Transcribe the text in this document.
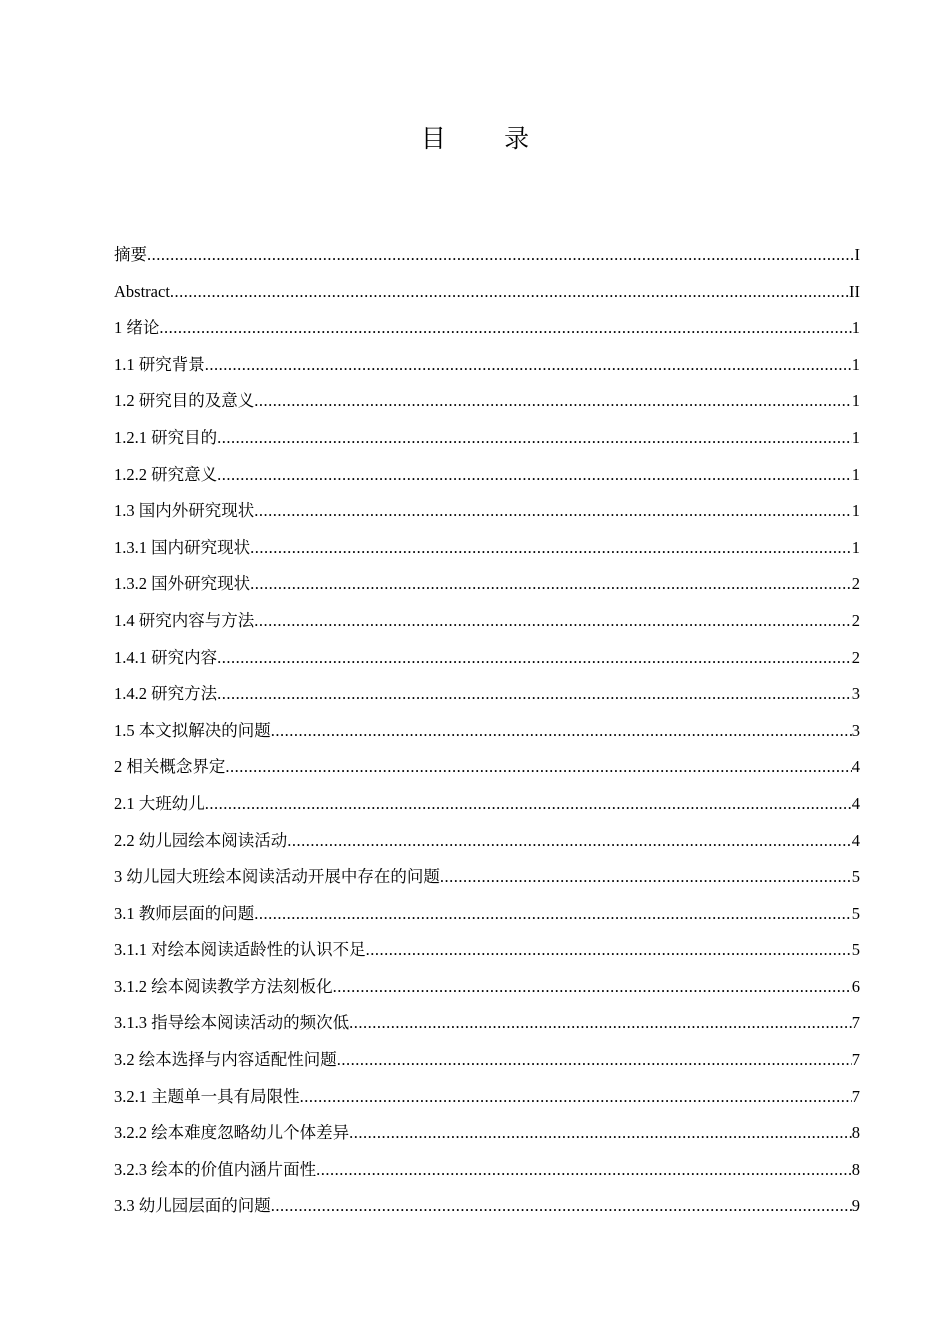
目 录
摘要 .....	I
Abstract .....	II
1 绪论 .....	1
1.1 研究背景 .....	1
1.2 研究目的及意义 .....	1
1.2.1 研究目的 .....	1
1.2.2 研究意义 .....	1
1.3 国内外研究现状 .....	1
1.3.1 国内研究现状 .....	1
1.3.2 国外研究现状 .....	2
1.4 研究内容与方法 .....	2
1.4.1 研究内容 .....	2
1.4.2 研究方法 .....	3
1.5 本文拟解决的问题 .....	3
2 相关概念界定 .....	4
2.1 大班幼儿 .....	4
2.2 幼儿园绘本阅读活动 .....	4
3 幼儿园大班绘本阅读活动开展中存在的问题 .....	5
3.1 教师层面的问题 .....	5
3.1.1 对绘本阅读适龄性的认识不足 .....	5
3.1.2 绘本阅读教学方法刻板化 .....	6
3.1.3 指导绘本阅读活动的频次低 .....	7
3.2 绘本选择与内容适配性问题 .....	7
3.2.1 主题单一具有局限性 .....	7
3.2.2 绘本难度忽略幼儿个体差异 .....	8
3.2.3 绘本的价值内涵片面性 .....	8
3.3 幼儿园层面的问题 .....	9
